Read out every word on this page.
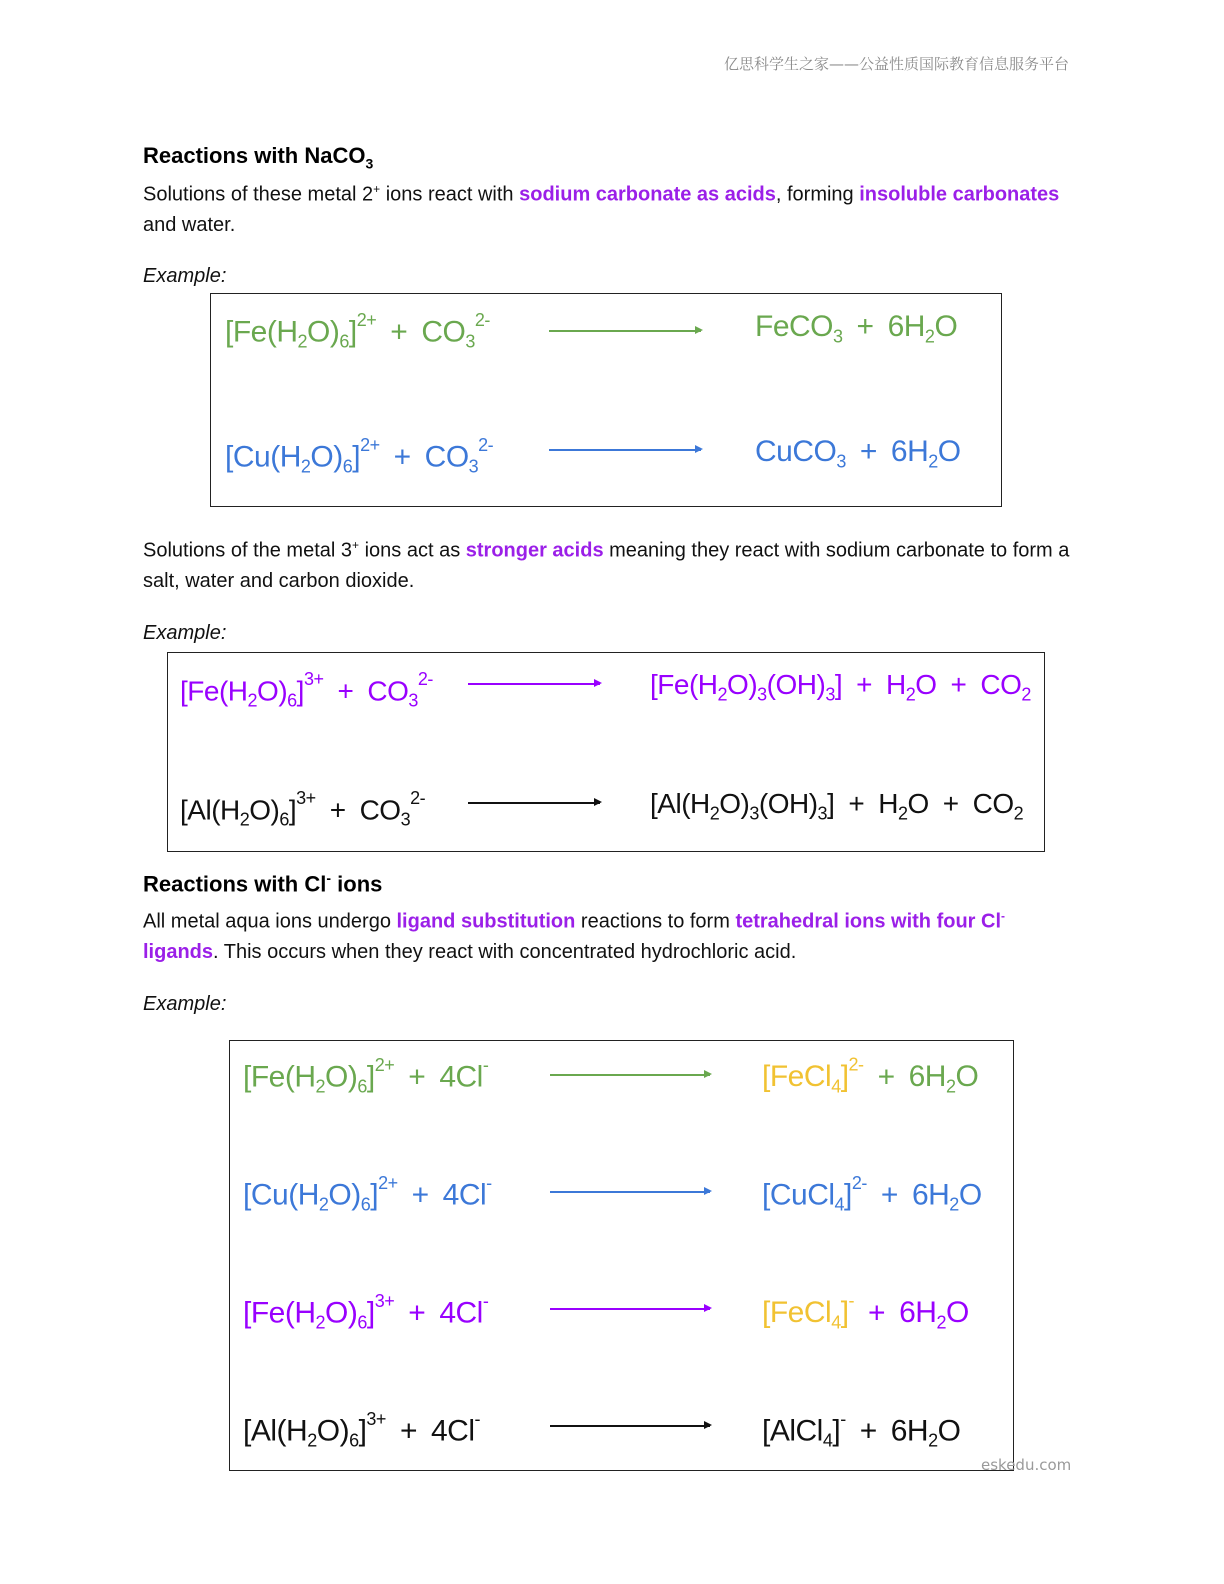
亿思科学生之家——公益性质国际教育信息服务平台
Reactions with NaCO$_3$
Solutions of these metal 2+ ions react with sodium carbonate as acids, forming insoluble carbonates and water.
Example:
$[Fe(H_2O)_6]^{2+} + CO_3^{2-}$	FeCO$_3$ + $6H_2O$
$[Cu(H_2O)_6]^{2+} + CO_3^{2-}$	CuCO$_3$ + $6H_2O$
Solutions of the metal 3+ ions act as stronger acids meaning they react with sodium carbonate to form a salt, water and carbon dioxide.
Example:
$[Fe(H_2O)_6]^{3+} + CO_3^{2-}$	$[Fe(H_2O)_3(OH)_3] + H_2O + CO_2$
$[Al(H_2O)_6]^{3+} + CO_3^{2-}$	$[Al(H_2O)_3(OH)_3] + H_2O + CO_2$
Reactions with Cl- ions
All metal aqua ions undergo ligand substitution reactions to form tetrahedral ions with four Cl- ligands. This occurs when they react with concentrated hydrochloric acid.
Example:
$[Fe(H_2O)_6]^{2+} + 4Cl^-$	[FeCl$_4$]$^{2-}$ + $6H_2O$
$[Cu(H_2O)_6]^{2+} + 4Cl^-$	[CuCl$_4$]$^{2-}$ + $6H_2O$
$[Fe(H_2O)_6]^{3+} + 4Cl^-$	[FeCl$_4$]- + $6H_2O$
$[Al(H_2O)_6]^{3+} + 4Cl^-$	[AlCl$_4$]- + $6H_2O$
eskedu.com
